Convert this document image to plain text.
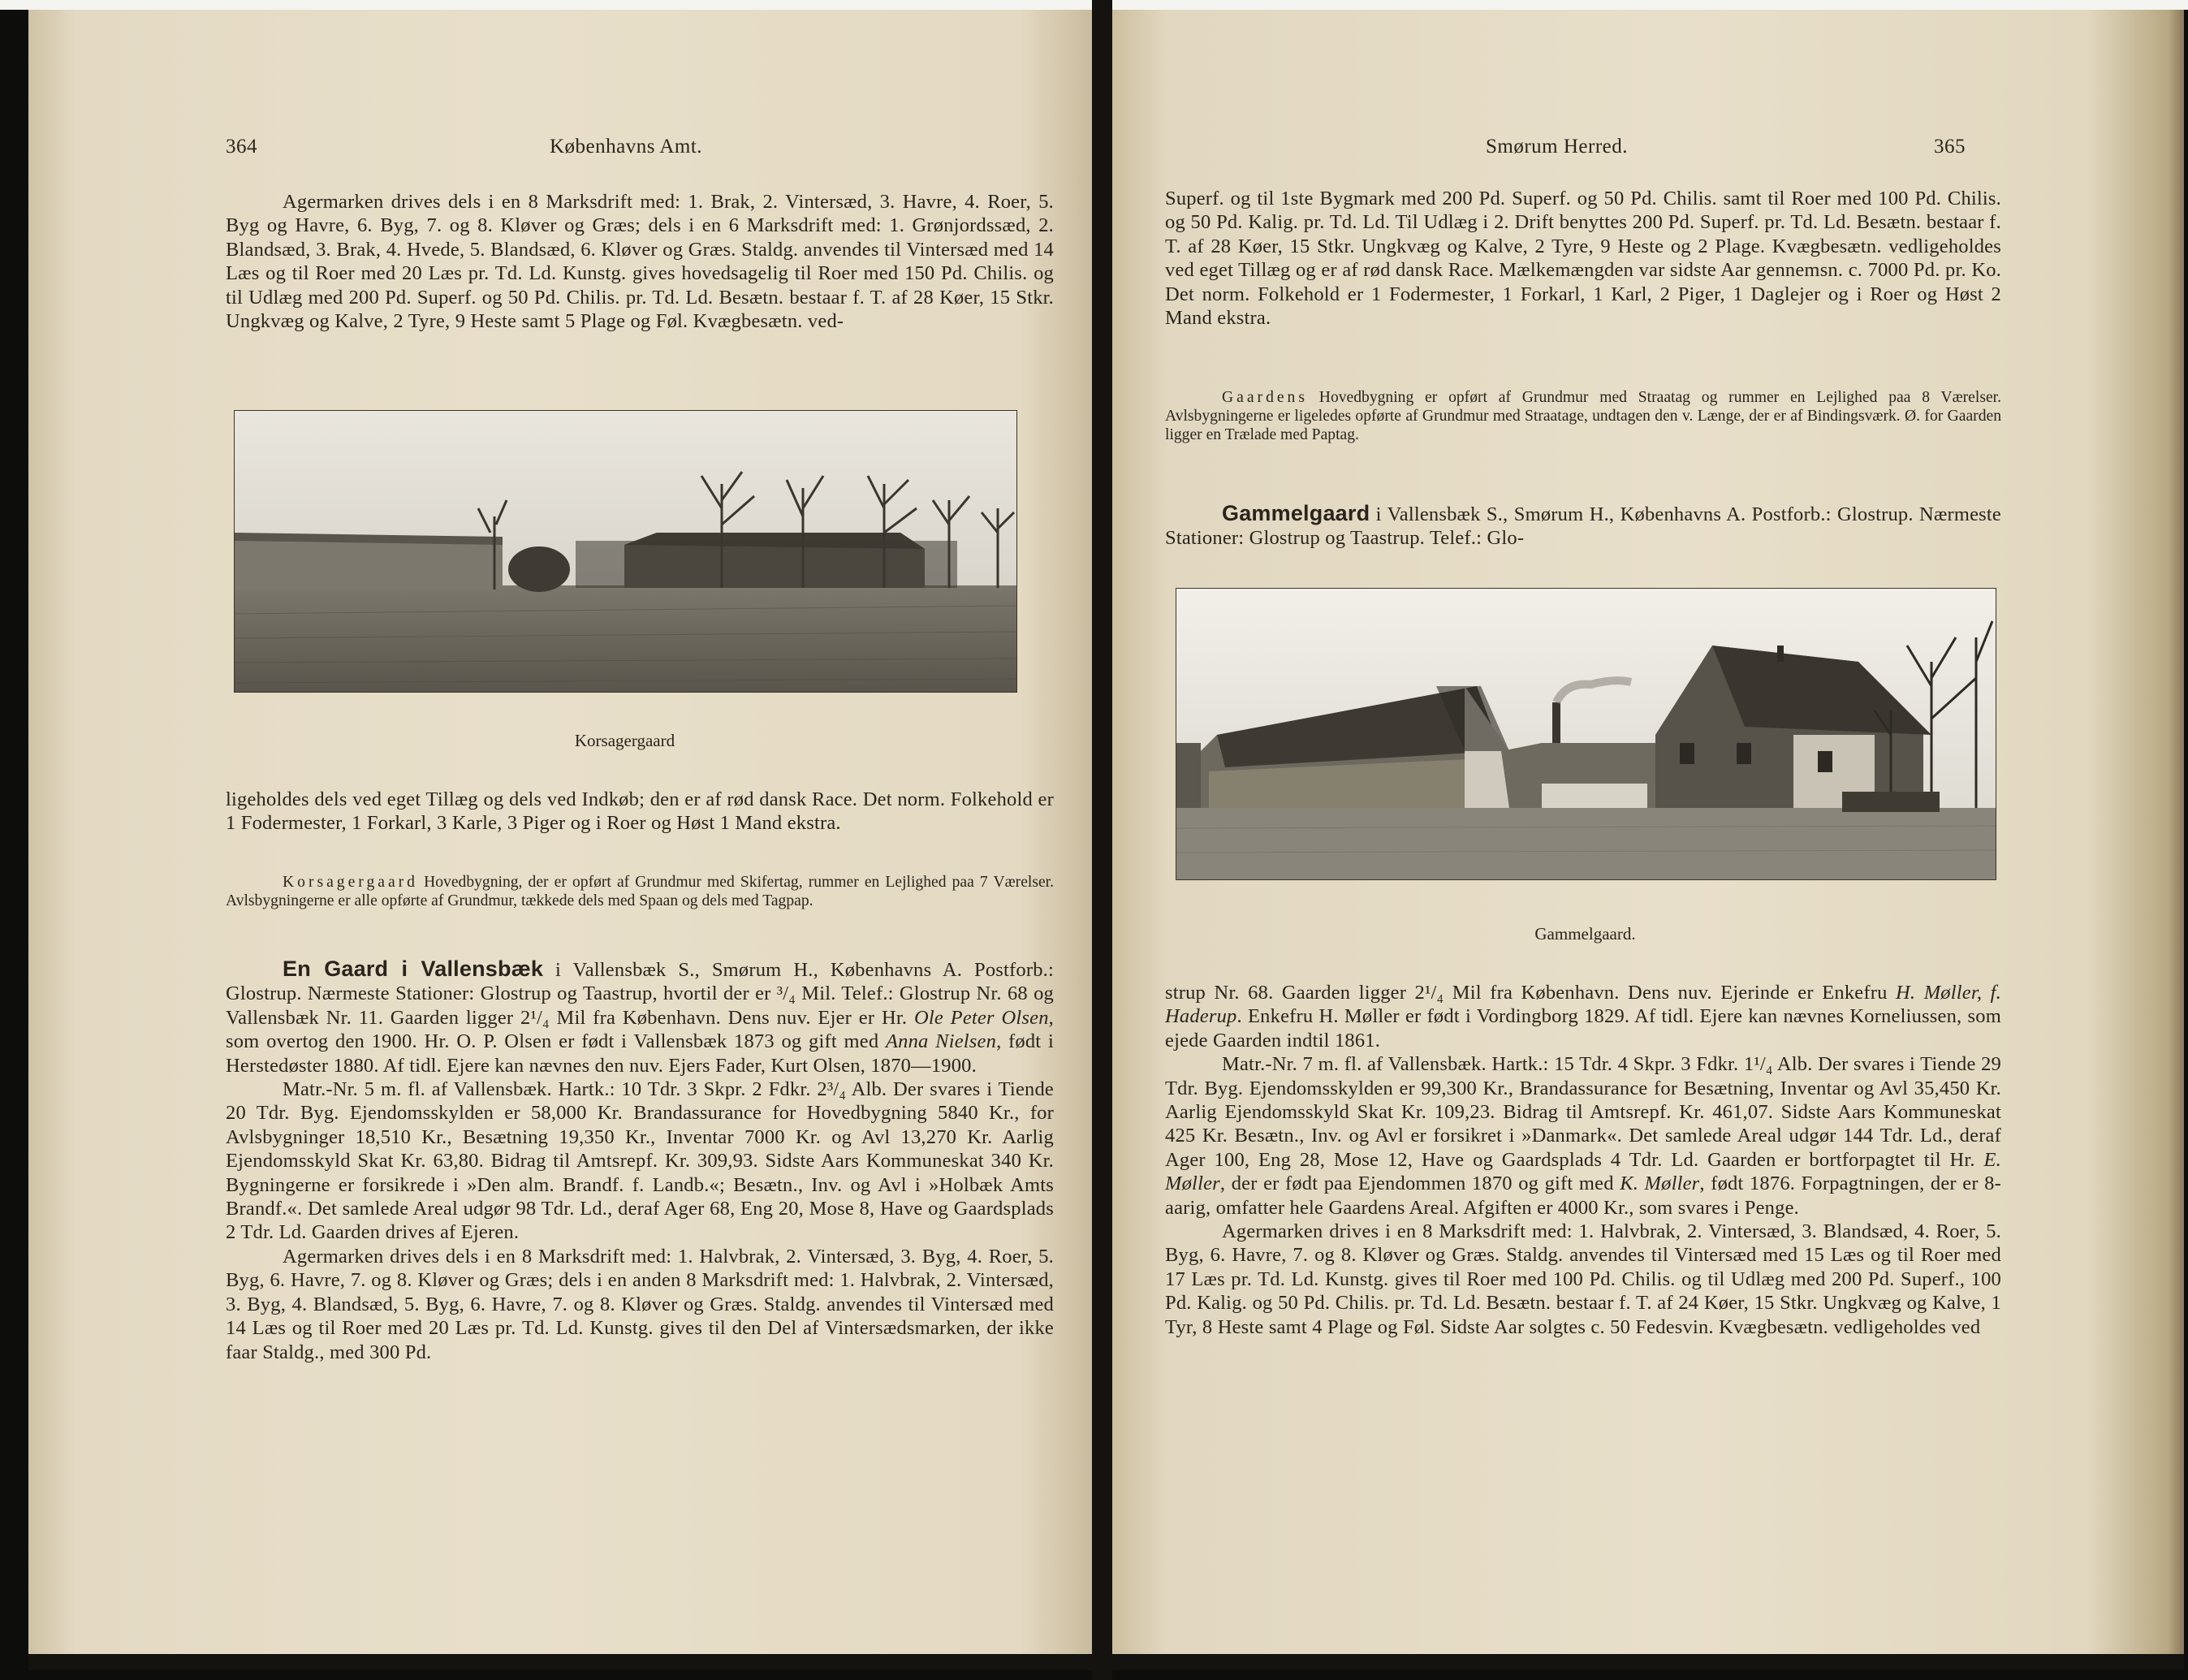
364	Københavns Amt.

Agermarken drives dels i en 8 Marksdrift med: 1. Brak, 2. Vintersæd, 3. Havre, 4. Roer, 5. Byg og Havre, 6. Byg, 7. og 8. Kløver og Græs; dels i en 6 Marksdrift med: 1. Grønjordssæd, 2. Blandsæd, 3. Brak, 4. Hvede, 5. Blandsæd, 6. Kløver og Græs. Staldg. anvendes til Vintersæd med 14 Læs og til Roer med 20 Læs pr. Td. Ld. Kunstg. gives hovedsagelig til Roer med 150 Pd. Chilis. og til Udlæg med 200 Pd. Superf. og 50 Pd. Chilis. pr. Td. Ld. Besætn. bestaar f. T. af 28 Køer, 15 Stkr. Ungkvæg og Kalve, 2 Tyre, 9 Heste samt 5 Plage og Føl. Kvægbesætn. ved-

Korsagergaard

ligeholdes dels ved eget Tillæg og dels ved Indkøb; den er af rød dansk Race. Det norm. Folkehold er 1 Fodermester, 1 Forkarl, 3 Karle, 3 Piger og i Roer og Høst 1 Mand ekstra.

Korsagergaard Hovedbygning, der er opført af Grundmur med Skifertag, rummer en Lejlighed paa 7 Værelser. Avlsbygningerne er alle opførte af Grundmur, tækkede dels med Spaan og dels med Tagpap.

En Gaard i Vallensbæk i Vallensbæk S., Smørum H., Københavns A. Postforb.: Glostrup. Nærmeste Stationer: Glostrup og Taastrup, hvortil der er ³/₄ Mil. Telef.: Glostrup Nr. 68 og Vallensbæk Nr. 11. Gaarden ligger 2¹/₄ Mil fra København. Dens nuv. Ejer er Hr. Ole Peter Olsen, som overtog den 1900. Hr. O. P. Olsen er født i Vallensbæk 1873 og gift med Anna Nielsen, født i Herstedøster 1880. Af tidl. Ejere kan nævnes den nuv. Ejers Fader, Kurt Olsen, 1870—1900.

Matr.-Nr. 5 m. fl. af Vallensbæk. Hartk.: 10 Tdr. 3 Skpr. 2 Fdkr. 2³/₄ Alb. Der svares i Tiende 20 Tdr. Byg. Ejendomsskylden er 58,000 Kr. Brandassurance for Hovedbygning 5840 Kr., for Avlsbygninger 18,510 Kr., Besætning 19,350 Kr., Inventar 7000 Kr. og Avl 13,270 Kr. Aarlig Ejendomsskyld Skat Kr. 63,80. Bidrag til Amtsrepf. Kr. 309,93. Sidste Aars Kommuneskat 340 Kr. Bygningerne er forsikrede i »Den alm. Brandf. f. Landb.«; Besætn., Inv. og Avl i »Holbæk Amts Brandf.«. Det samlede Areal udgør 98 Tdr. Ld., deraf Ager 68, Eng 20, Mose 8, Have og Gaardsplads 2 Tdr. Ld. Gaarden drives af Ejeren.

Agermarken drives dels i en 8 Marksdrift med: 1. Halvbrak, 2. Vintersæd, 3. Byg, 4. Roer, 5. Byg, 6. Havre, 7. og 8. Kløver og Græs; dels i en anden 8 Marksdrift med: 1. Halvbrak, 2. Vintersæd, 3. Byg, 4. Blandsæd, 5. Byg, 6. Havre, 7. og 8. Kløver og Græs. Staldg. anvendes til Vintersæd med 14 Læs og til Roer med 20 Læs pr. Td. Ld. Kunstg. gives til den Del af Vintersædsmarken, der ikke faar Staldg., med 300 Pd.

Smørum Herred.	365

Superf. og til 1ste Bygmark med 200 Pd. Superf. og 50 Pd. Chilis. samt til Roer med 100 Pd. Chilis. og 50 Pd. Kalig. pr. Td. Ld. Til Udlæg i 2. Drift benyttes 200 Pd. Superf. pr. Td. Ld. Besætn. bestaar f. T. af 28 Køer, 15 Stkr. Ungkvæg og Kalve, 2 Tyre, 9 Heste og 2 Plage. Kvægbesætn. vedligeholdes ved eget Tillæg og er af rød dansk Race. Mælkemængden var sidste Aar gennemsn. c. 7000 Pd. pr. Ko. Det norm. Folkehold er 1 Fodermester, 1 Forkarl, 1 Karl, 2 Piger, 1 Daglejer og i Roer og Høst 2 Mand ekstra.

Gaardens Hovedbygning er opført af Grundmur med Straatag og rummer en Lejlighed paa 8 Værelser. Avlsbygningerne er ligeledes opførte af Grundmur med Straatage, undtagen den v. Længe, der er af Bindingsværk. Ø. for Gaarden ligger en Trælade med Paptag.

Gammelgaard i Vallensbæk S., Smørum H., Københavns A. Postforb.: Glostrup. Nærmeste Stationer: Glostrup og Taastrup. Telef.: Glo-

Gammelgaard.

strup Nr. 68. Gaarden ligger 2¹/₄ Mil fra København. Dens nuv. Ejerinde er Enkefru H. Møller, f. Haderup. Enkefru H. Møller er født i Vordingborg 1829. Af tidl. Ejere kan nævnes Korneliussen, som ejede Gaarden indtil 1861.

Matr.-Nr. 7 m. fl. af Vallensbæk. Hartk.: 15 Tdr. 4 Skpr. 3 Fdkr. 1¹/₄ Alb. Der svares i Tiende 29 Tdr. Byg. Ejendomsskylden er 99,300 Kr., Brandassurance for Besætning, Inventar og Avl 35,450 Kr. Aarlig Ejendomsskyld Skat Kr. 109,23. Bidrag til Amtsrepf. Kr. 461,07. Sidste Aars Kommuneskat 425 Kr. Besætn., Inv. og Avl er forsikret i »Danmark«. Det samlede Areal udgør 144 Tdr. Ld., deraf Ager 100, Eng 28, Mose 12, Have og Gaardsplads 4 Tdr. Ld. Gaarden er bortforpagtet til Hr. E. Møller, der er født paa Ejendommen 1870 og gift med K. Møller, født 1876. Forpagtningen, der er 8-aarig, omfatter hele Gaardens Areal. Afgiften er 4000 Kr., som svares i Penge.

Agermarken drives i en 8 Marksdrift med: 1. Halvbrak, 2. Vintersæd, 3. Blandsæd, 4. Roer, 5. Byg, 6. Havre, 7. og 8. Kløver og Græs. Staldg. anvendes til Vintersæd med 15 Læs og til Roer med 17 Læs pr. Td. Ld. Kunstg. gives til Roer med 100 Pd. Chilis. og til Udlæg med 200 Pd. Superf., 100 Pd. Kalig. og 50 Pd. Chilis. pr. Td. Ld. Besætn. bestaar f. T. af 24 Køer, 15 Stkr. Ungkvæg og Kalve, 1 Tyr, 8 Heste samt 4 Plage og Føl. Sidste Aar solgtes c. 50 Fedesvin. Kvægbesætn. vedligeholdes ved
